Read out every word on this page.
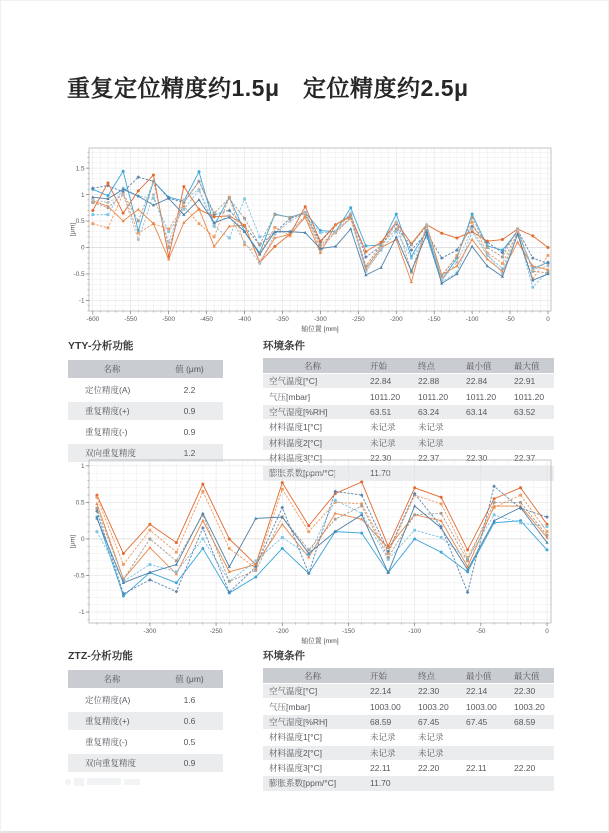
重复定位精度约1.5μ　定位精度约2.5μ
-600	-550	-500	-450	-400	-350	-300	-250	-200	-150	-100	-50	0
1.5
1
0.5
0
-0.5
-1
轴位置 [mm]
[μm]
YTY-分析功能
名称	值 (μm)
定位精度(A)	2.2
重复精度(+)	0.9
重复精度(-)	0.9
双向重复精度	1.2
环境条件
名称	开始	终点	最小值	最大值
空气温度[°C]	22.84	22.88	22.84	22.91
气压[mbar]	1011.20	1011.20	1011.20	1011.20
空气湿度[%RH]	63.51	63.24	63.14	63.52
材料温度1[°C]	未记录	未记录		
材料温度2[°C]	未记录	未记录		
材料温度3[°C]	22.30	22.37	22.30	22.37
膨胀系数[ppm/°C]	11.70			
-300	-250	-200	-150	-100	-50	0
1
0.5
0
-0.5
-1
轴位置 [mm]
[μm]
ZTZ-分析功能
名称	值 (μm)
定位精度(A)	1.6
重复精度(+)	0.6
重复精度(-)	0.5
双向重复精度	0.9
环境条件
名称	开始	终点	最小值	最大值
空气温度[°C]	22.14	22.30	22.14	22.30
气压[mbar]	1003.00	1003.20	1003.00	1003.20
空气湿度[%RH]	68.59	67.45	67.45	68.59
材料温度1[°C]	未记录	未记录		
材料温度2[°C]	未记录	未记录		
材料温度3[°C]	22.11	22.20	22.11	22.20
膨胀系数[ppm/°C]	11.70			
